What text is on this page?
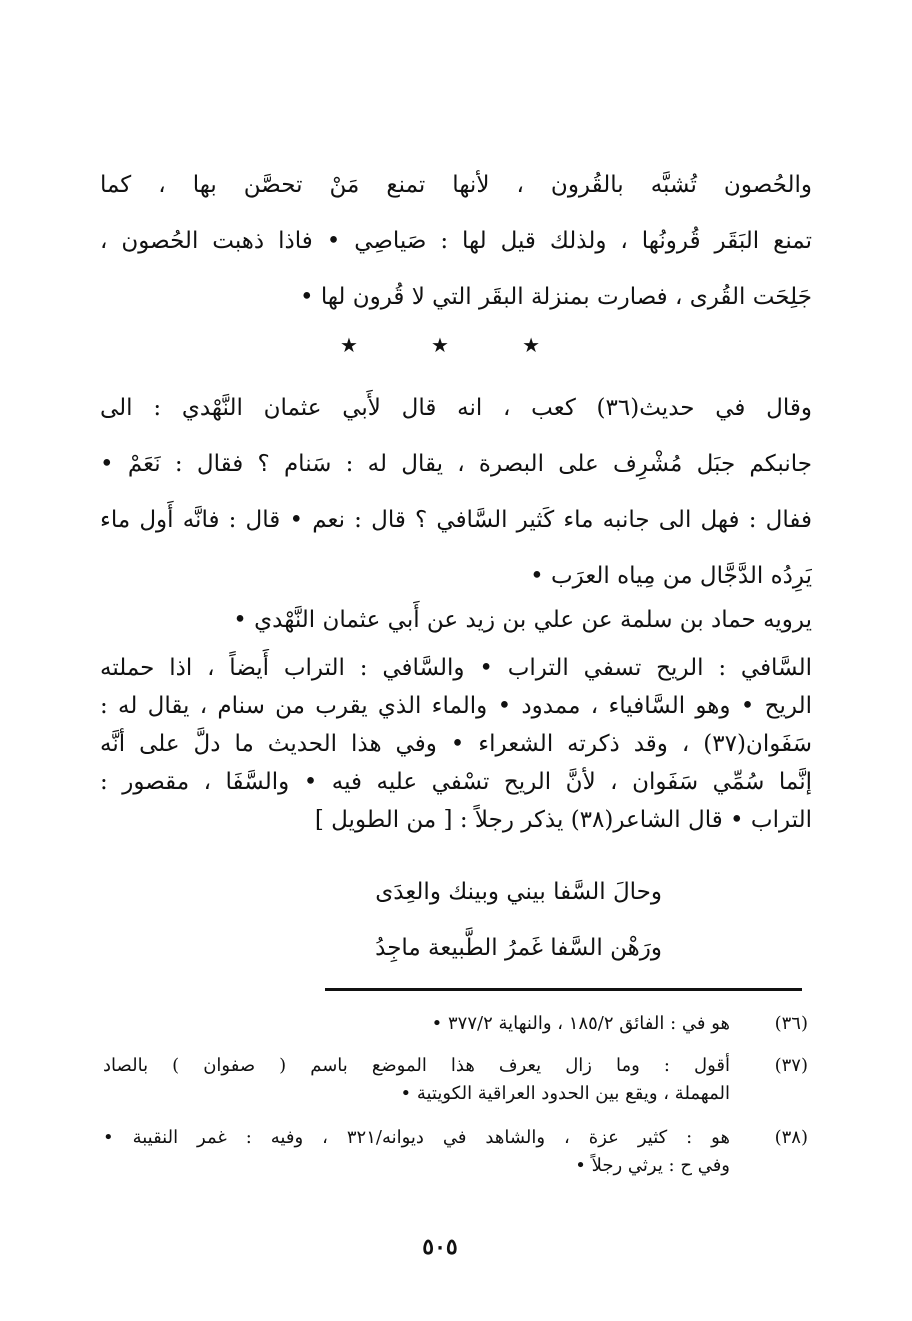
والحُصون تُشبَّه بالقُرون ، لأنها تمنع مَنْ تحصَّن بها ، كما
تمنع البَقَر قُرونُها ، ولذلك قيل لها : صَياصِي • فاذا ذهبت الحُصون ،
جَلِحَت القُرى ، فصارت بمنزلة البقَر التي لا قُرون لها •
★	★	★
وقال في حديث(٣٦) كعب ، انه قال لأَبي عثمان النَّهْدي : الى
جانبكم جبَل مُشْرِف على البصرة ، يقال له : سَنام ؟ فقال : نَعَمْ •
ففال : فهل الى جانبه ماء كَثير السَّافي ؟ قال : نعم • قال : فانَّه أَول ماء
يَرِدُه الدَّجَّال من مِياه العرَب •
يرويه حماد بن سلمة عن علي بن زيد عن أَبي عثمان النَّهْدي •
السَّافي : الريح تسفي التراب • والسَّافي : التراب أَيضاً ، اذا حملته
الريح • وهو السَّافياء ، ممدود • والماء الذي يقرب من سنام ، يقال له :
سَفَوان(٣٧) ، وقد ذكرته الشعراء • وفي هذا الحديث ما دلَّ على أنَّه
إنَّما سُمِّي سَفَوان ، لأنَّ الريح تسْفي عليه فيه • والسَّفَا ، مقصور :
التراب • قال الشاعر(٣٨) يذكر رجلاً : [ من الطويل ]
وحالَ السَّفا بيني وبينك والعِدَى
ورَهْن السَّفا غَمرُ الطَّبيعة ماجِدُ
(٣٦)
هو في : الفائق ١٨٥/٢ ، والنهاية ٣٧٧/٢ •
(٣٧)
أقول : وما زال يعرف هذا الموضع باسم ( صفوان ) بالصاد
المهملة ، ويقع بين الحدود العراقية الكويتية •
(٣٨)
هو : كثير عزة ، والشاهد في ديوانه/٣٢١ ، وفيه : غمر النقيبة •
وفي ح : يرثي رجلاً •
٥٠٥
